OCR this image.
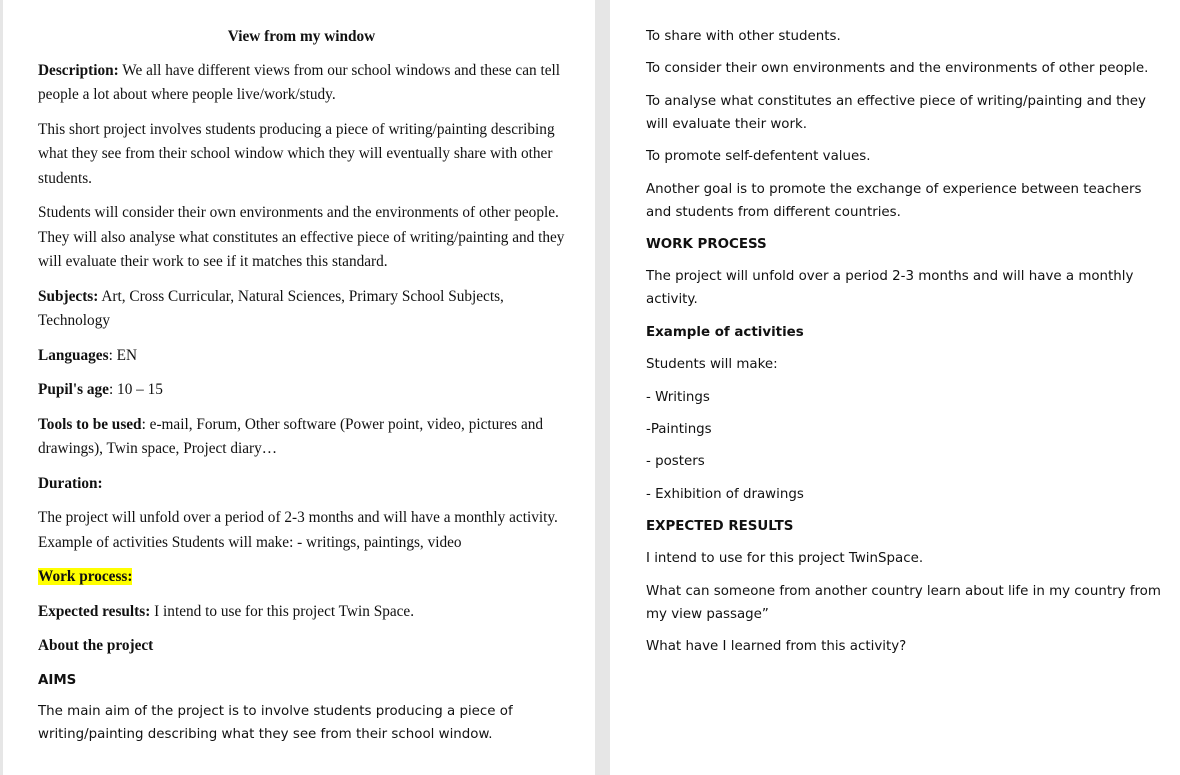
View from my window

Description: We all have different views from our school windows and these can tell people a lot about where people live/work/study.

This short project involves students producing a piece of writing/painting describing what they see from their school window which they will eventually share with other students.

Students will consider their own environments and the environments of other people. They will also analyse what constitutes an effective piece of writing/painting and they will evaluate their work to see if it matches this standard.

Subjects: Art, Cross Curricular, Natural Sciences, Primary School Subjects, Technology

Languages: EN

Pupil's age: 10 – 15

Tools to be used: e-mail, Forum, Other software (Power point, video, pictures and drawings), Twin space, Project diary…

Duration:

The project will unfold over a period of 2-3 months and will have a monthly activity. Example of activities Students will make: - writings, paintings, video

Work process:

Expected results: I intend to use for this project Twin Space.

About the project

AIMS

The main aim of the project is to involve students producing a piece of writing/painting describing what they see from their school window.

To share with other students.

To consider their own environments and the environments of other people.

To analyse what constitutes an effective piece of writing/painting and they will evaluate their work.

To promote self-defentent values.

Another goal is to promote the exchange of experience between teachers and students from different countries.

WORK PROCESS

The project will unfold over a period 2-3 months and will have a monthly activity.

Example of activities

Students will make:

- Writings

-Paintings

- posters

- Exhibition of drawings

EXPECTED RESULTS

I intend to use for this project TwinSpace.

What can someone from another country learn about life in my country from my view passage”

What have I learned from this activity?
